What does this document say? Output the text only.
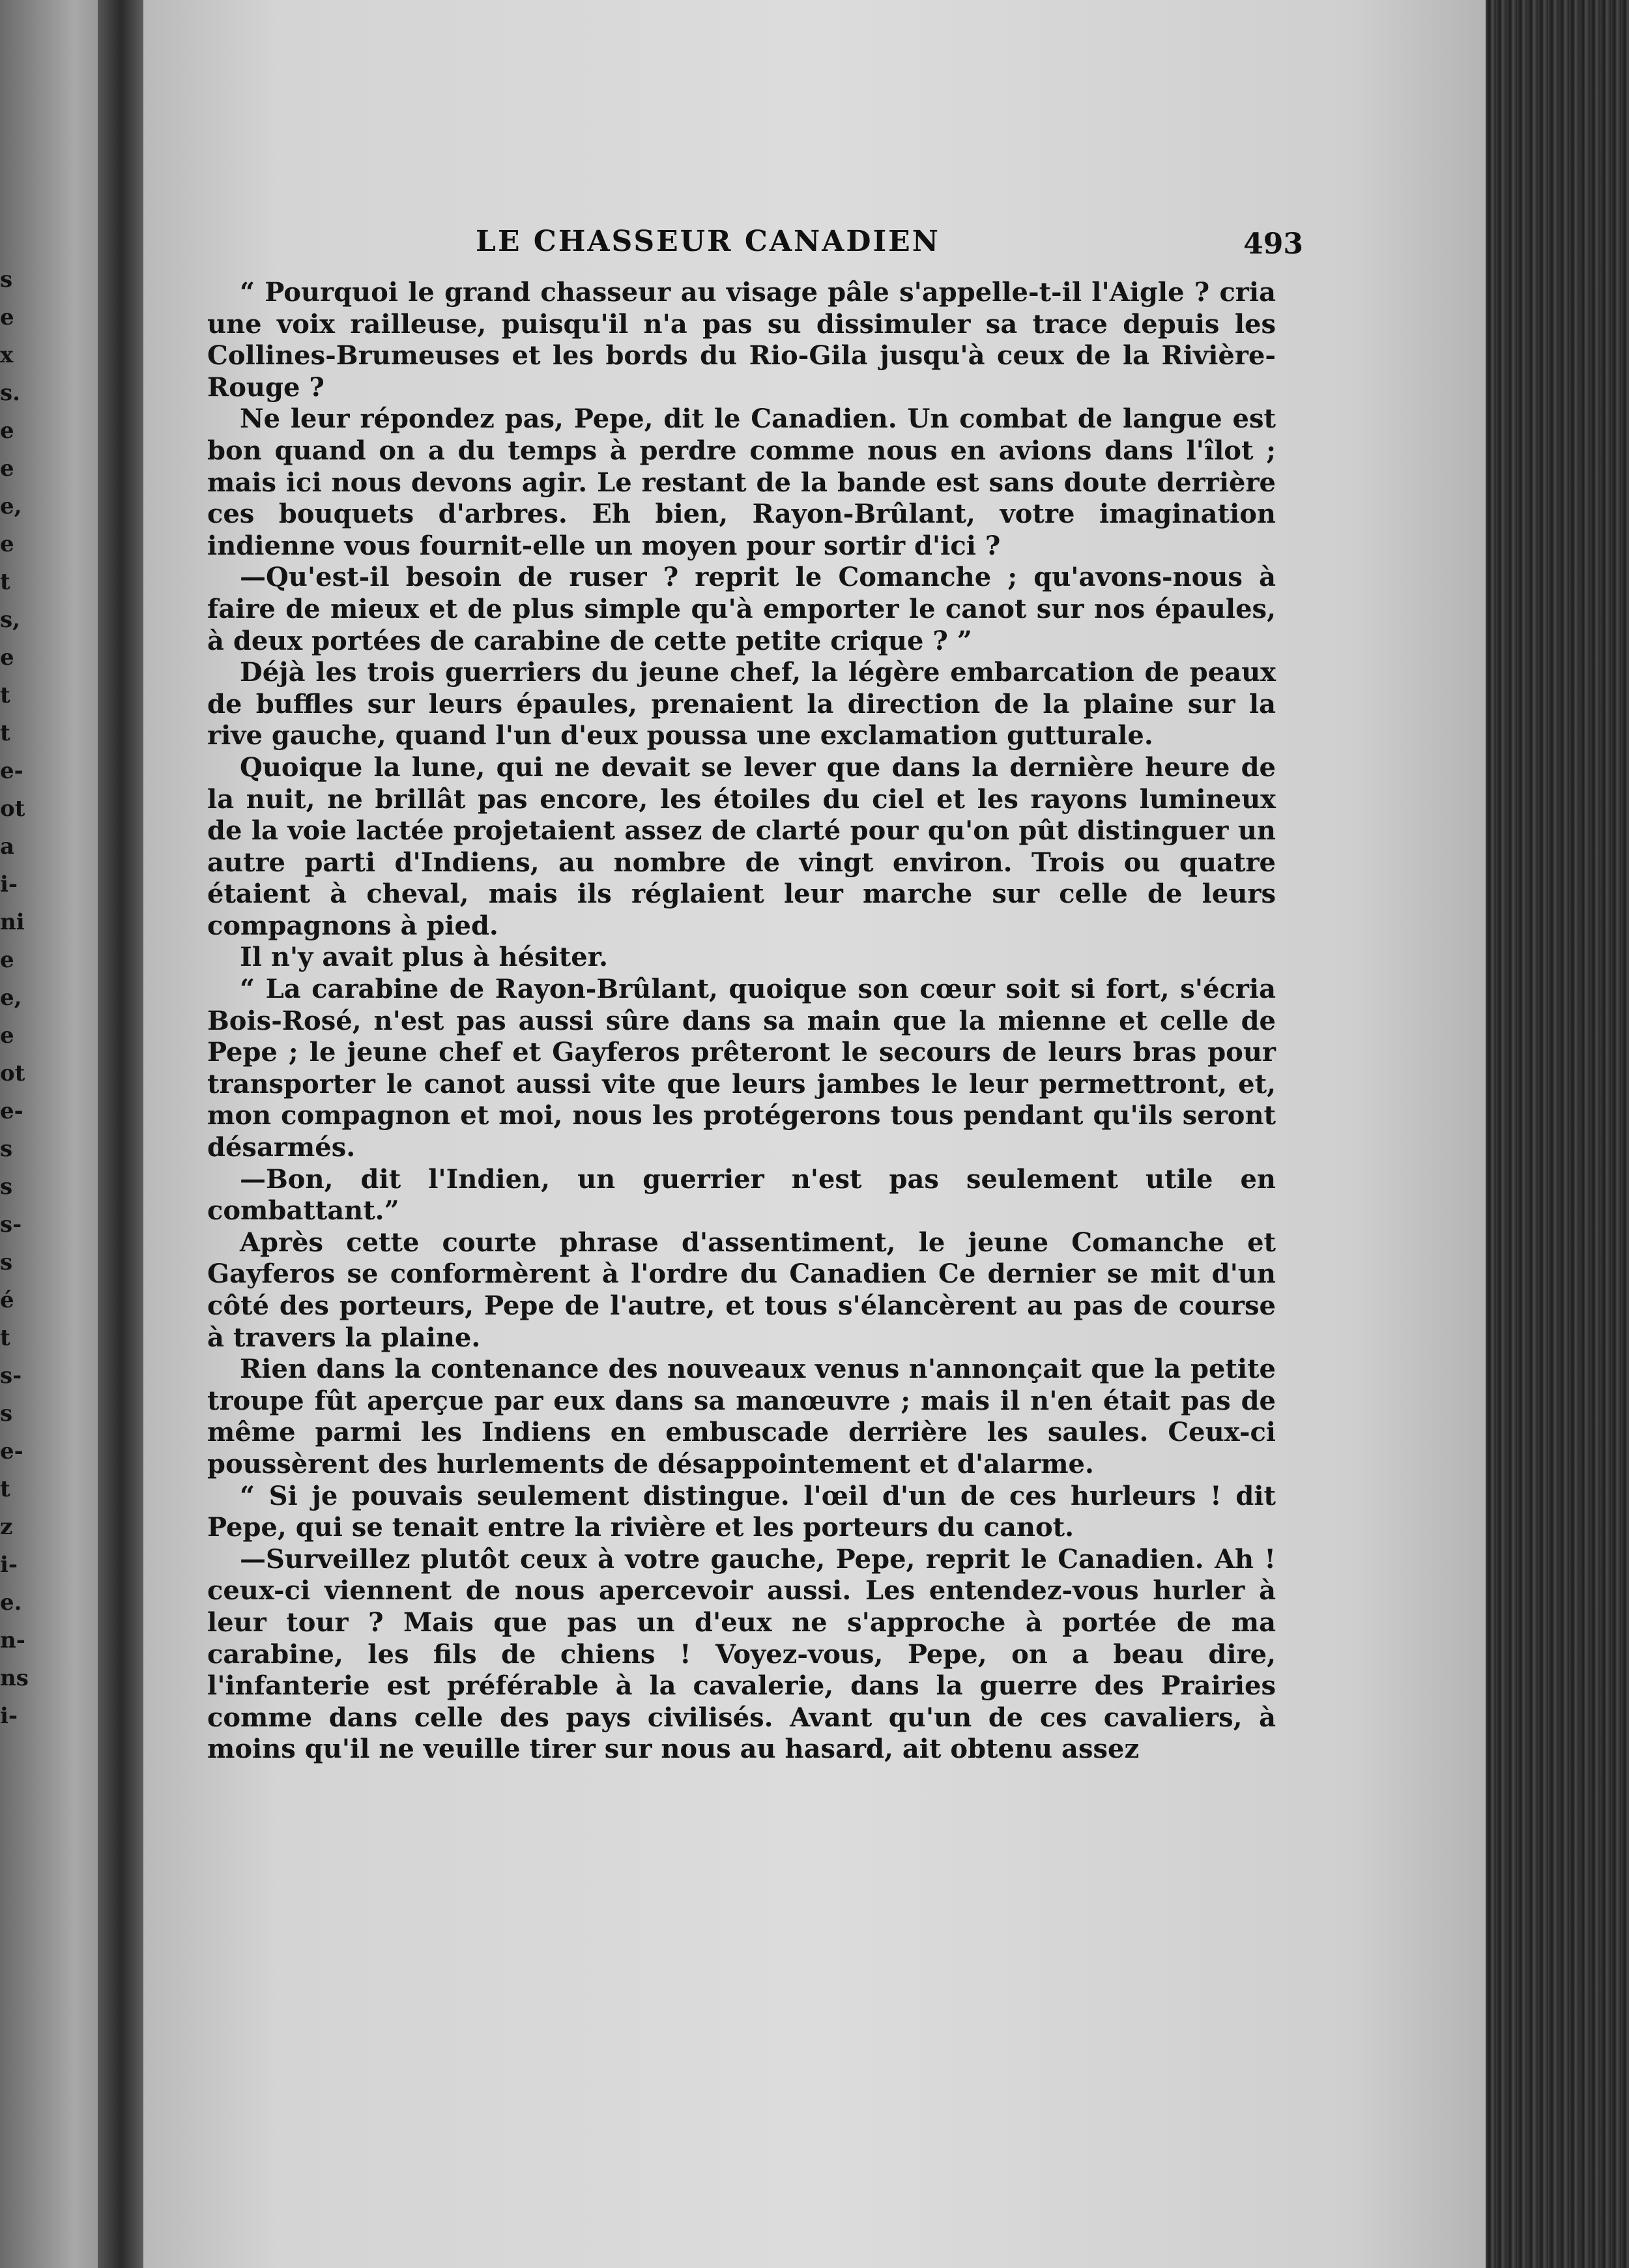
s
e
x
s.
e
e
e,
e
t
s,
e
t
t
e-
ot
a
i-
ni
e
e,
e
ot
e-
s
s
s-
s
é
t
s-
s
e-
t
z
i-
e.
n-
ns
i-
LE CHASSEUR CANADIEN	493

“ Pourquoi le grand chasseur au visage pâle s'appelle-t-il l'Aigle ? cria une voix railleuse, puisqu'il n'a pas su dissimuler sa trace depuis les Collines-Brumeuses et les bords du Rio-Gila jusqu'à ceux de la Rivière-Rouge ?

Ne leur répondez pas, Pepe, dit le Canadien. Un combat de langue est bon quand on a du temps à perdre comme nous en avions dans l'îlot ; mais ici nous devons agir. Le restant de la bande est sans doute derrière ces bouquets d'arbres. Eh bien, Rayon-Brûlant, votre imagination indienne vous fournit-elle un moyen pour sortir d'ici ?

—Qu'est-il besoin de ruser ? reprit le Comanche ; qu'avons-nous à faire de mieux et de plus simple qu'à emporter le canot sur nos épaules, à deux portées de carabine de cette petite crique ? ”

Déjà les trois guerriers du jeune chef, la légère embarcation de peaux de buffles sur leurs épaules, prenaient la direction de la plaine sur la rive gauche, quand l'un d'eux poussa une exclamation gutturale.

Quoique la lune, qui ne devait se lever que dans la dernière heure de la nuit, ne brillât pas encore, les étoiles du ciel et les rayons lumineux de la voie lactée projetaient assez de clarté pour qu'on pût distinguer un autre parti d'Indiens, au nombre de vingt environ. Trois ou quatre étaient à cheval, mais ils réglaient leur marche sur celle de leurs compagnons à pied.

Il n'y avait plus à hésiter.

“ La carabine de Rayon-Brûlant, quoique son cœur soit si fort, s'écria Bois-Rosé, n'est pas aussi sûre dans sa main que la mienne et celle de Pepe ; le jeune chef et Gayferos prêteront le secours de leurs bras pour transporter le canot aussi vite que leurs jambes le leur permettront, et, mon compagnon et moi, nous les protégerons tous pendant qu'ils seront désarmés.

—Bon, dit l'Indien, un guerrier n'est pas seulement utile en combattant.”

Après cette courte phrase d'assentiment, le jeune Comanche et Gayferos se conformèrent à l'ordre du Canadien Ce dernier se mit d'un côté des porteurs, Pepe de l'autre, et tous s'élancèrent au pas de course à travers la plaine.

Rien dans la contenance des nouveaux venus n'annonçait que la petite troupe fût aperçue par eux dans sa manœuvre ; mais il n'en était pas de même parmi les Indiens en embuscade derrière les saules. Ceux-ci poussèrent des hurlements de désappointement et d'alarme.

“ Si je pouvais seulement distingue. l'œil d'un de ces hurleurs ! dit Pepe, qui se tenait entre la rivière et les porteurs du canot.

—Surveillez plutôt ceux à votre gauche, Pepe, reprit le Canadien. Ah ! ceux-ci viennent de nous apercevoir aussi. Les entendez-vous hurler à leur tour ? Mais que pas un d'eux ne s'approche à portée de ma carabine, les fils de chiens ! Voyez-vous, Pepe, on a beau dire, l'infanterie est préférable à la cavalerie, dans la guerre des Prairies comme dans celle des pays civilisés. Avant qu'un de ces cavaliers, à moins qu'il ne veuille tirer sur nous au hasard, ait obtenu assez
